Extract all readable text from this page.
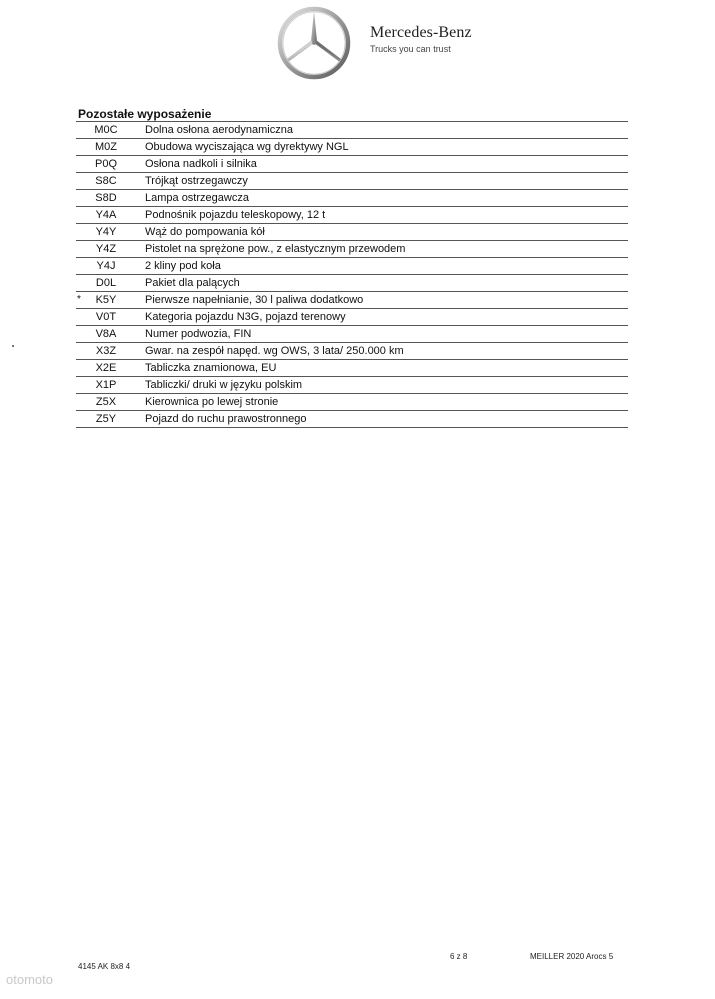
Mercedes-Benz
Trucks you can trust
Pozostałe wyposażenie
M0C	Dolna osłona aerodynamiczna
M0Z	Obudowa wyciszająca wg dyrektywy NGL
P0Q	Osłona nadkoli i silnika
S8C	Trójkąt ostrzegawczy
S8D	Lampa ostrzegawcza
Y4A	Podnośnik pojazdu teleskopowy, 12 t
Y4Y	Wąż do pompowania kół
Y4Z	Pistolet na sprężone pow., z elastycznym przewodem
Y4J	2 kliny pod koła
D0L	Pakiet dla palących
*	K5Y	Pierwsze napełnianie, 30 l paliwa dodatkowo
V0T	Kategoria pojazdu N3G, pojazd terenowy
V8A	Numer podwozia, FIN
X3Z	Gwar. na zespół napęd. wg OWS, 3 lata/ 250.000 km
X2E	Tabliczka znamionowa, EU
X1P	Tabliczki/ druki w języku polskim
Z5X	Kierownica po lewej stronie
Z5Y	Pojazd do ruchu prawostronnego
4145 AK 8x8 4
6 z 8	MEILLER 2020 Arocs 5
otomoto
